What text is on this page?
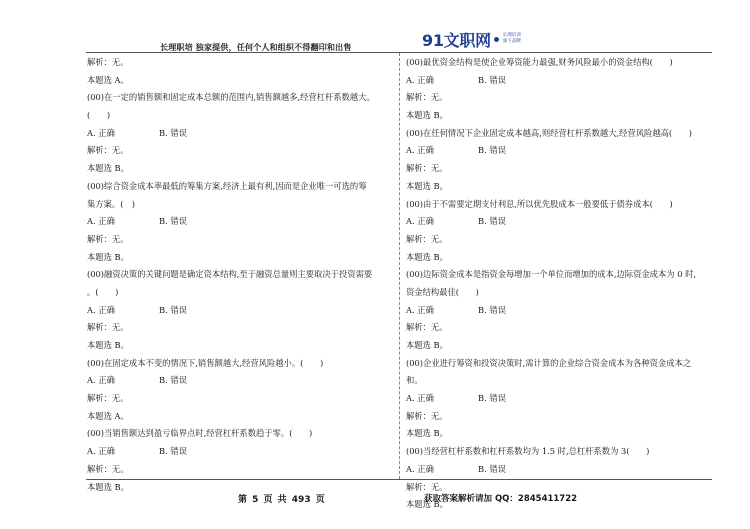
长理职培 独家提供，任何个人和组织不得翻印和出售	91文职网	长理培训
旗下品牌
解析：无。
本题选 A。
(00)在一定的销售额和固定成本总额的范围内,销售额越多,经营杠杆系数越大。
(　　)
A. 正确	B. 错误
解析：无。
本题选 B。
(00)综合资金成本率最低的筹集方案,经济上最有利,因而是企业唯一可选的筹
集方案。(　)
A. 正确	B. 错误
解析：无。
本题选 B。
(00)融资决策的关键问题是确定资本结构,至于融资总量则主要取决于投资需要
。(　　)
A. 正确	B. 错误
解析：无。
本题选 B。
(00)在固定成本不变的情况下,销售额越大,经营风险越小。(　　)
A. 正确	B. 错误
解析：无。
本题选 A。
(00)当销售额达到盈亏临界点时,经营杠杆系数趋于零。(　　)
A. 正确	B. 错误
解析：无。
本题选 B。
(00)最优资金结构是使企业筹资能力最强,财务风险最小的资金结构(　　)
A. 正确	B. 错误
解析：无。
本题选 B。
(00)在任何情况下企业固定成本越高,则经营杠杆系数越大,经营风险越高(　　)
A. 正确	B. 错误
解析：无。
本题选 B。
(00)由于不需要定期支付利息,所以优先股成本一般要低于债券成本(　　)
A. 正确	B. 错误
解析：无。
本题选 B。
(00)边际资金成本是指资金每增加一个单位而增加的成本,边际资金成本为 0 时,
资金结构最佳(　　)
A. 正确	B. 错误
解析：无。
本题选 B。
(00)企业进行筹资和投资决策时,需计算的企业综合资金成本为各种资金成本之
和。
A. 正确	B. 错误
解析：无。
本题选 B。
(00)当经营杠杆系数和杠杆系数均为 1.5 时,总杠杆系数为 3(　　)
A. 正确	B. 错误
解析：无。
本题选 B。
第 5 页 共 493 页	获取答案解析请加 QQ：2845411722
